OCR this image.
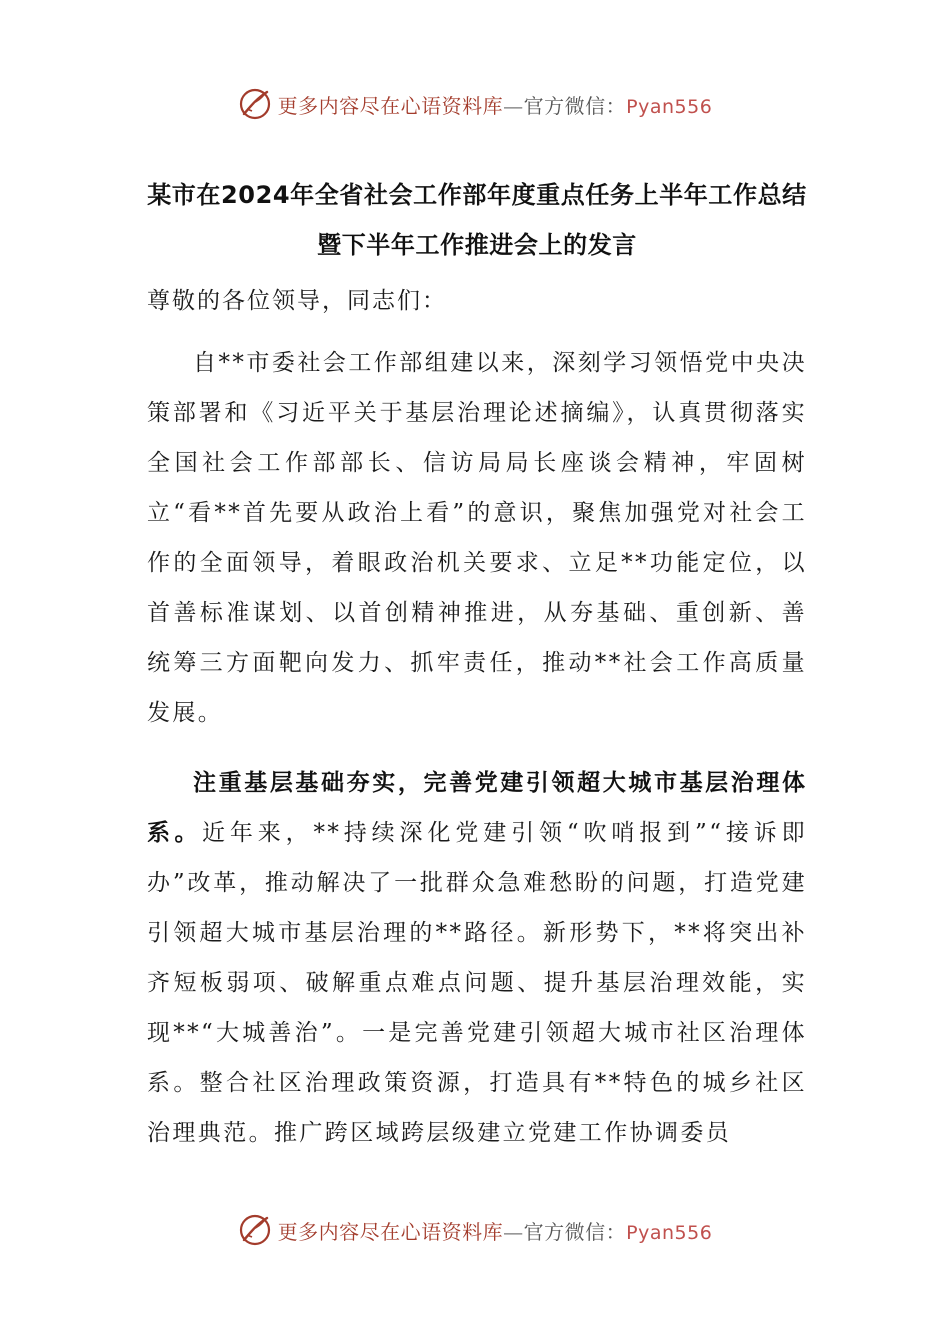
更多内容尽在心语资料库—官方微信：Pyan556
某市在2024年全省社会工作部年度重点任务上半年工作总结暨下半年工作推进会上的发言

尊敬的各位领导，同志们：

自**市委社会工作部组建以来，深刻学习领悟党中央决策部署和《习近平关于基层治理论述摘编》，认真贯彻落实全国社会工作部部长、信访局局长座谈会精神，牢固树立“看**首先要从政治上看”的意识，聚焦加强党对社会工作的全面领导，着眼政治机关要求、立足**功能定位，以首善标准谋划、以首创精神推进，从夯基础、重创新、善统筹三方面靶向发力、抓牢责任，推动**社会工作高质量发展。

注重基层基础夯实，完善党建引领超大城市基层治理体系。近年来，**持续深化党建引领“吹哨报到”“接诉即办”改革，推动解决了一批群众急难愁盼的问题，打造党建引领超大城市基层治理的**路径。新形势下，**将突出补齐短板弱项、破解重点难点问题、提升基层治理效能，实现**“大城善治”。一是完善党建引领超大城市社区治理体系。整合社区治理政策资源，打造具有**特色的城乡社区治理典范。推广跨区域跨层级建立党建工作协调委员

更多内容尽在心语资料库—官方微信：Pyan556
